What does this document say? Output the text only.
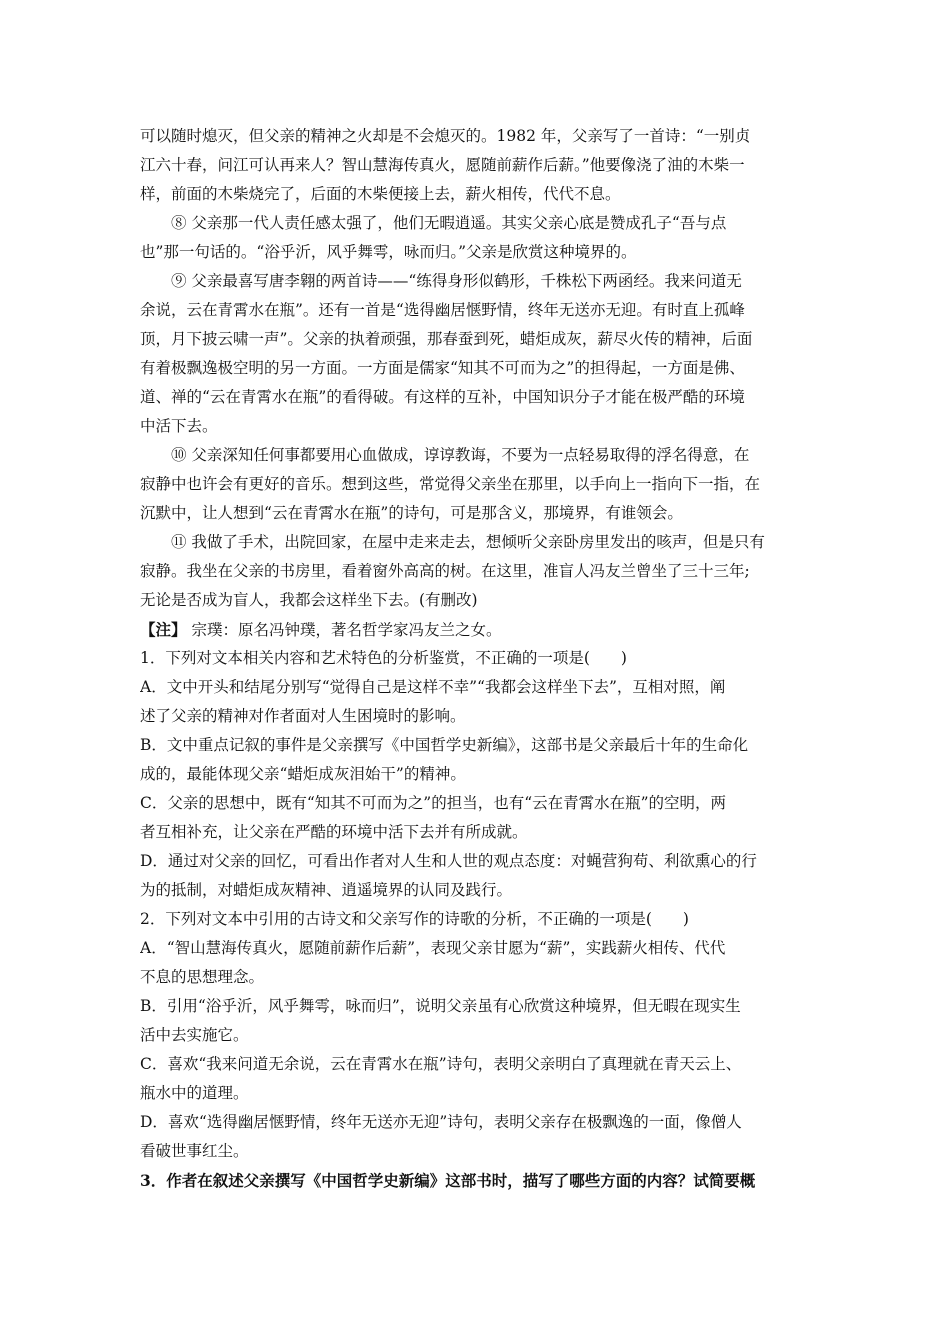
可以随时熄灭，但父亲的精神之火却是不会熄灭的。1982 年，父亲写了一首诗：“一别贞
江六十春，问江可认再来人？智山慧海传真火，愿随前薪作后薪。”他要像浇了油的木柴一
样，前面的木柴烧完了，后面的木柴便接上去，薪火相传，代代不息。
⑧ 父亲那一代人责任感太强了，他们无暇逍遥。其实父亲心底是赞成孔子“吾与点
也”那一句话的。“浴乎沂，风乎舞雩，咏而归。”父亲是欣赏这种境界的。
⑨ 父亲最喜写唐李翱的两首诗——“练得身形似鹤形，千株松下两函经。我来问道无
余说，云在青霄水在瓶”。还有一首是“选得幽居惬野情，终年无送亦无迎。有时直上孤峰
顶，月下披云啸一声”。父亲的执着顽强，那春蚕到死，蜡炬成灰，薪尽火传的精神，后面
有着极飘逸极空明的另一方面。一方面是儒家“知其不可而为之”的担得起，一方面是佛、
道、禅的“云在青霄水在瓶”的看得破。有这样的互补，中国知识分子才能在极严酷的环境
中活下去。
⑩ 父亲深知任何事都要用心血做成，谆谆教诲，不要为一点轻易取得的浮名得意，在
寂静中也许会有更好的音乐。想到这些，常觉得父亲坐在那里，以手向上一指向下一指，在
沉默中，让人想到“云在青霄水在瓶”的诗句，可是那含义，那境界，有谁领会。
⑪ 我做了手术，出院回家，在屋中走来走去，想倾听父亲卧房里发出的咳声，但是只有
寂静。我坐在父亲的书房里，看着窗外高高的树。在这里，准盲人冯友兰曾坐了三十三年;
无论是否成为盲人，我都会这样坐下去。(有删改)
【注】 宗璞：原名冯钟璞，著名哲学家冯友兰之女。
1．下列对文本相关内容和艺术特色的分析鉴赏，不正确的一项是(　　)
A．文中开头和结尾分别写“觉得自己是这样不幸”“我都会这样坐下去”，互相对照，阐
述了父亲的精神对作者面对人生困境时的影响。
B．文中重点记叙的事件是父亲撰写《中国哲学史新编》，这部书是父亲最后十年的生命化
成的，最能体现父亲“蜡炬成灰泪始干”的精神。
C．父亲的思想中，既有“知其不可而为之”的担当，也有“云在青霄水在瓶”的空明，两
者互相补充，让父亲在严酷的环境中活下去并有所成就。
D．通过对父亲的回忆，可看出作者对人生和人世的观点态度：对蝇营狗苟、利欲熏心的行
为的抵制，对蜡炬成灰精神、逍遥境界的认同及践行。
2．下列对文本中引用的古诗文和父亲写作的诗歌的分析，不正确的一项是(　　)
A．“智山慧海传真火，愿随前薪作后薪”，表现父亲甘愿为“薪”，实践薪火相传、代代
不息的思想理念。
B．引用“浴乎沂，风乎舞雩，咏而归”，说明父亲虽有心欣赏这种境界，但无暇在现实生
活中去实施它。
C．喜欢“我来问道无余说，云在青霄水在瓶”诗句，表明父亲明白了真理就在青天云上、
瓶水中的道理。
D．喜欢“选得幽居惬野情，终年无送亦无迎”诗句，表明父亲存在极飘逸的一面，像僧人
看破世事红尘。
3．作者在叙述父亲撰写《中国哲学史新编》这部书时，描写了哪些方面的内容？试简要概
